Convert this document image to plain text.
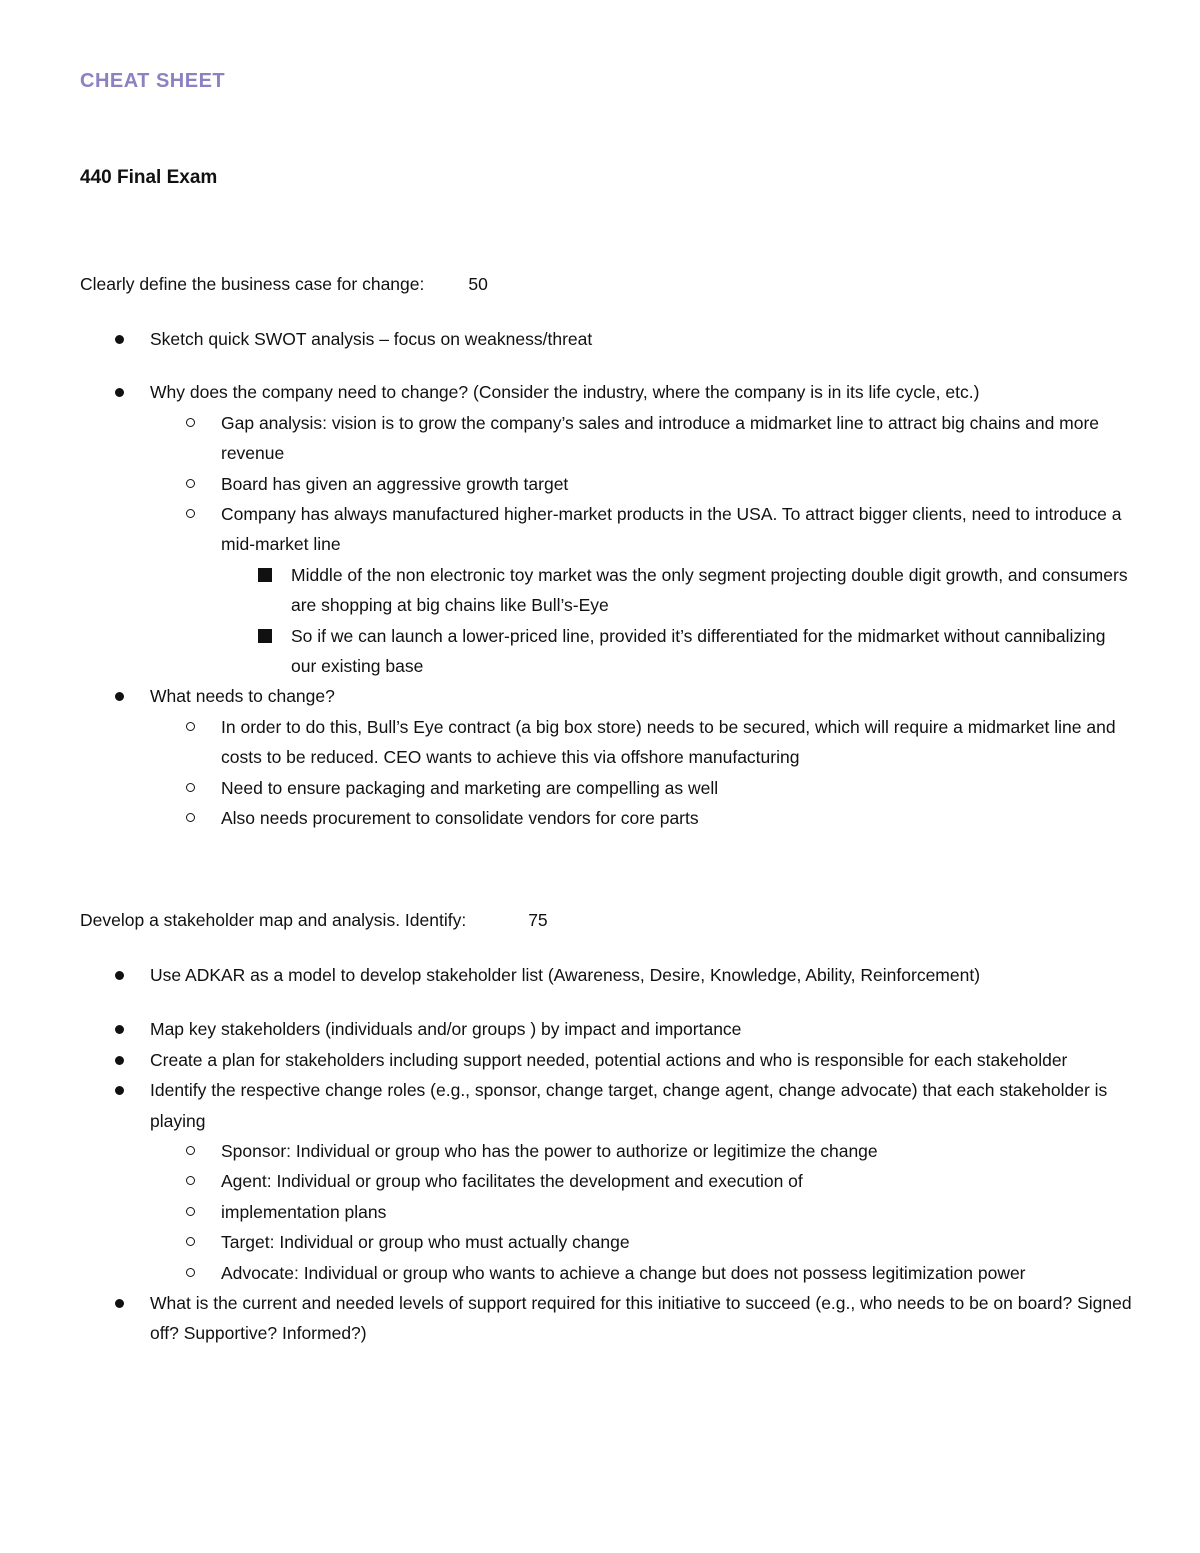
CHEAT SHEET
440 Final Exam
Clearly define the business case for change:	50
Sketch quick SWOT analysis – focus on weakness/threat
Why does the company need to change? (Consider the industry, where the company is in its life cycle, etc.)
Gap analysis: vision is to grow the company’s sales and introduce a midmarket line to attract big chains and more revenue
Board has given an aggressive growth target
Company has always manufactured higher-market products in the USA. To attract bigger clients, need to introduce a mid-market line
Middle of the non electronic toy market was the only segment projecting double digit growth, and consumers are shopping at big chains like Bull’s-Eye
So if we can launch a lower-priced line, provided it’s differentiated for the midmarket without cannibalizing our existing base
What needs to change?
In order to do this, Bull’s Eye contract (a big box store) needs to be secured, which will require a midmarket line and costs to be reduced. CEO wants to achieve this via offshore manufacturing
Need to ensure packaging and marketing are compelling as well
Also needs procurement to consolidate vendors for core parts
Develop a stakeholder map and analysis. Identify:	75
Use ADKAR as a model to develop stakeholder list (Awareness, Desire, Knowledge, Ability, Reinforcement)
Map key stakeholders (individuals and/or groups ) by impact and importance
Create a plan for stakeholders including support needed, potential actions and who is responsible for each stakeholder
Identify the respective change roles (e.g., sponsor, change target, change agent, change advocate) that each stakeholder is playing
Sponsor: Individual or group who has the power to authorize or legitimize the change
Agent: Individual or group who facilitates the development and execution of
implementation plans
Target: Individual or group who must actually change
Advocate: Individual or group who wants to achieve a change but does not possess legitimization power
What is the current and needed levels of support required for this initiative to succeed (e.g., who needs to be on board? Signed off? Supportive? Informed?)
